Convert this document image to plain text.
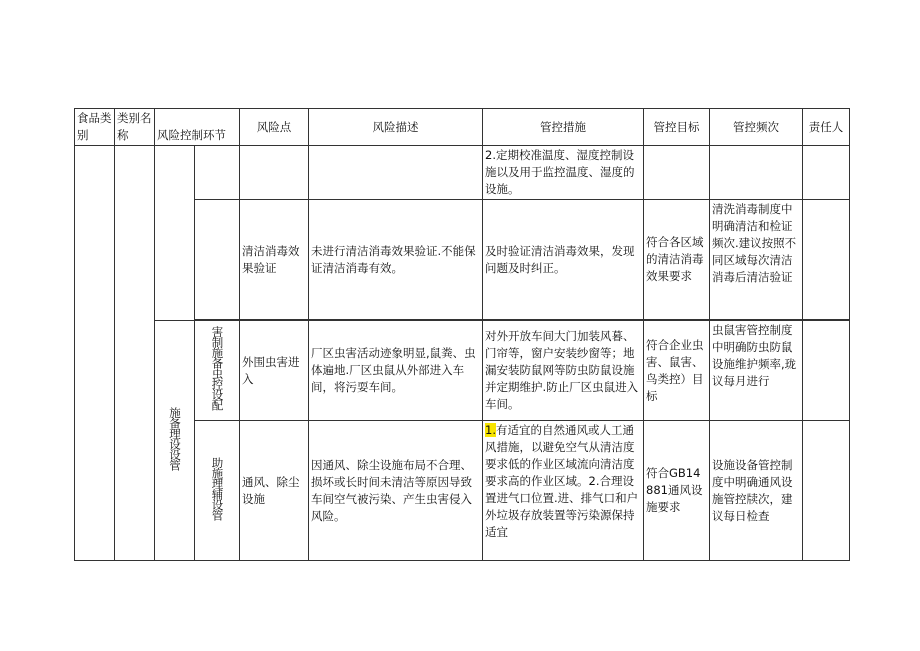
食品类别	类别名称	风险控制环节		风险点	风险描述	管控措施	管控目标	管控频次	责任人
						2.定期校准温度、湿度控制设施以及用于监控温度、湿度的设施。			
				清洁消毒效果验证	未进行清洁消毒效果验证.不能保证清洁消毒有效。	及时验证清洁消毒效果，发现问题及时纠正。	符合各区域的清洁消毒效果要求	清洗消毒制度中明确清洁和检证频次.建议按照不同区域每次清洁消毒后清洁验证	

		施备理设设管	害制施备虫控设配	外围虫害进入	厂区虫害活动迹象明显,鼠粪、虫体遍地.厂区虫鼠从外部进入车间，将污耍车间。	对外开放车间大门加装风暮、门帘等，窗户安装纱窗等；地漏安装防鼠网等防虫防鼠设施并定期维护.防止厂区虫鼠进入车间。	符合企业虫害、鼠害、鸟类控）目标	虫鼠害管控制度中明确防虫防鼠设施维护频率,珑议每月进行	
			助施理辅设管	通风、除尘设施	因通风、除尘设施布局不合理、损坏或长时间未清洁等原因导致车间空气被污染、产生虫害侵入风险。	1.有适宜的自然通风或人工通风措施，以避免空气从清洁度要求低的作业区域流向清洁度要求高的作业区域。2.合理设置进气口位置.进、排气口和户外垃圾存放装置等污染源保持适宜	符合GB14881通风设施要求	设施设备管控制度中明确通风设施管控牍次，建议每日检查	
